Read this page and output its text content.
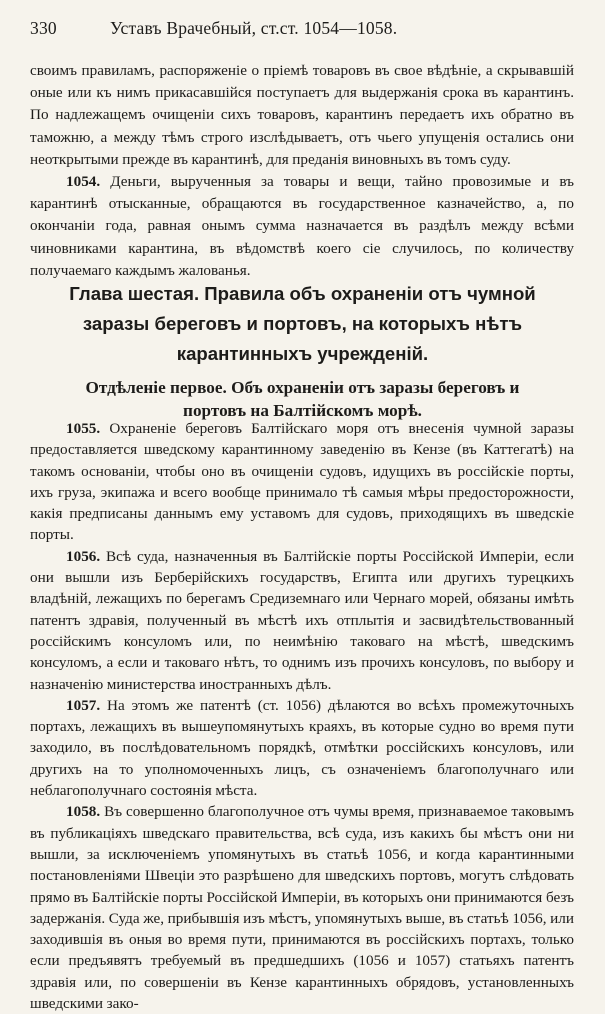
330	Уставъ Врачебный, ст.ст. 1054—1058.

своимъ правиламъ, распоряженіе о пріемѣ товаровъ въ свое вѣдѣніе, а скрывавшій оные или къ нимъ прикасавшійся поступаетъ для выдержанія срока въ карантинъ. По надлежащемъ очищеніи сихъ товаровъ, карантинъ передаетъ ихъ обратно въ таможню, а между тѣмъ строго изслѣдываетъ, отъ чьего упущенія остались они неоткрытыми прежде въ карантинѣ, для преданія виновныхъ въ томъ суду.

1054. Деньги, вырученныя за товары и вещи, тайно провозимые и въ карантинѣ отысканные, обращаются въ государственное казначейство, а, по окончаніи года, равная онымъ сумма назначается въ раздѣлъ между всѣми чиновниками карантина, въ вѣдомствѣ коего сіе случилось, по количеству получаемаго каждымъ жалованья.

Глава шестая. Правила объ охраненіи отъ чумной
заразы береговъ и портовъ, на которыхъ нѣтъ
карантинныхъ учрежденій.
Отдѣленіе первое. Объ охраненіи отъ заразы береговъ и
портовъ на Балтійскомъ морѣ.

1055. Охраненіе береговъ Балтійскаго моря отъ внесенія чумной заразы предоставляется шведскому карантинному заведенію въ Кензе (въ Каттегатѣ) на такомъ основаніи, чтобы оно въ очищеніи судовъ, идущихъ въ россійскіе порты, ихъ груза, экипажа и всего вообще принимало тѣ самыя мѣры предосторожности, какія предписаны даннымъ ему уставомъ для судовъ, приходящихъ въ шведскіе порты.

1056. Всѣ суда, назначенныя въ Балтійскіе порты Россійской Имперіи, если они вышли изъ Берберійскихъ государствъ, Египта или другихъ турецкихъ владѣній, лежащихъ по берегамъ Средиземнаго или Чернаго морей, обязаны имѣть патентъ здравія, полученный въ мѣстѣ ихъ отплытія и засвидѣтельствованный россійскимъ консуломъ или, по неимѣнію таковаго на мѣстѣ, шведскимъ консуломъ, а если и таковаго нѣтъ, то однимъ изъ прочихъ консуловъ, по выбору и назначенію министерства иностранныхъ дѣлъ.

1057. На этомъ же патентѣ (ст. 1056) дѣлаются во всѣхъ промежуточныхъ портахъ, лежащихъ въ вышеупомянутыхъ краяхъ, въ которые судно во время пути заходило, въ послѣдовательномъ порядкѣ, отмѣтки россійскихъ консуловъ, или другихъ на то уполномоченныхъ лицъ, съ означеніемъ благополучнаго или неблагополучнаго состоянія мѣста.

1058. Въ совершенно благополучное отъ чумы время, признаваемое таковымъ въ публикаціяхъ шведскаго правительства, всѣ суда, изъ какихъ бы мѣстъ они ни вышли, за исключеніемъ упомянутыхъ въ статьѣ 1056, и когда карантинными постановленіями Швеціи это разрѣшено для шведскихъ портовъ, могутъ слѣдовать прямо въ Балтійскіе порты Россійской Имперіи, въ которыхъ они принимаются безъ задержанія. Суда же, прибывшія изъ мѣстъ, упомянутыхъ выше, въ статьѣ 1056, или заходившія въ оныя во время пути, принимаются въ россійскихъ портахъ, только если предъявятъ требуемый въ предшедшихъ (1056 и 1057) статьяхъ патентъ здравія или, по совершеніи въ Кензе карантинныхъ обрядовъ, установленныхъ шведскими зако-
